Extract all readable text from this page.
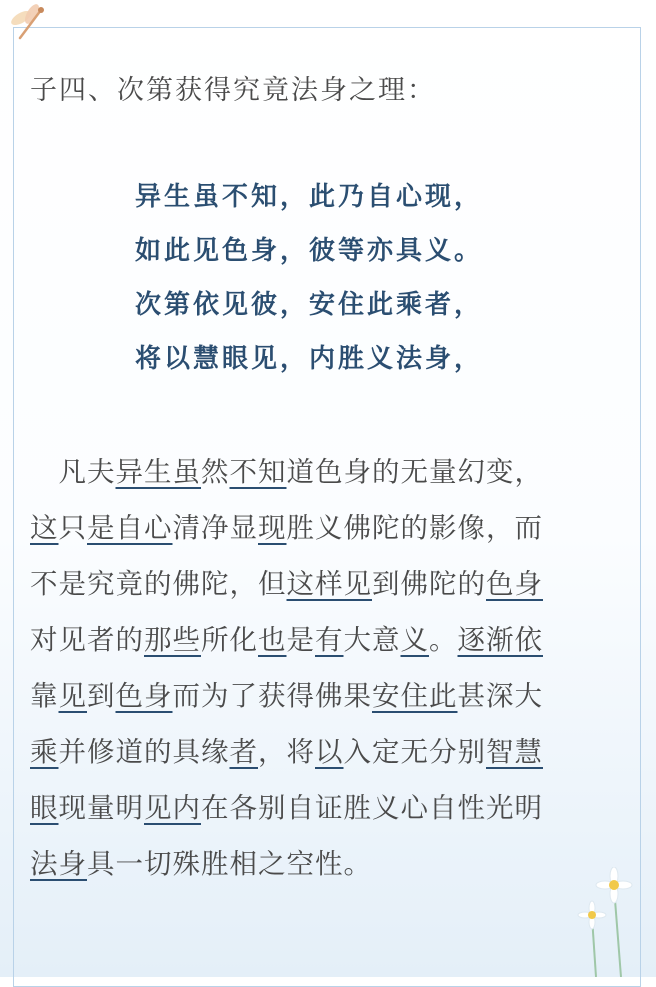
子四、次第获得究竟法身之理：
异生虽不知，此乃自心现，
如此见色身，彼等亦具义。
次第依见彼，安住此乘者，
将以慧眼见，内胜义法身，
　凡夫异生虽然不知道色身的无量幻变，
这只是自心清净显现胜义佛陀的影像，而
不是究竟的佛陀，但这样见到佛陀的色身
对见者的那些所化也是有大意义。逐渐依
靠见到色身而为了获得佛果安住此甚深大
乘并修道的具缘者，将以入定无分别智慧
眼现量明见内在各别自证胜义心自性光明
法身具一切殊胜相之空性。
